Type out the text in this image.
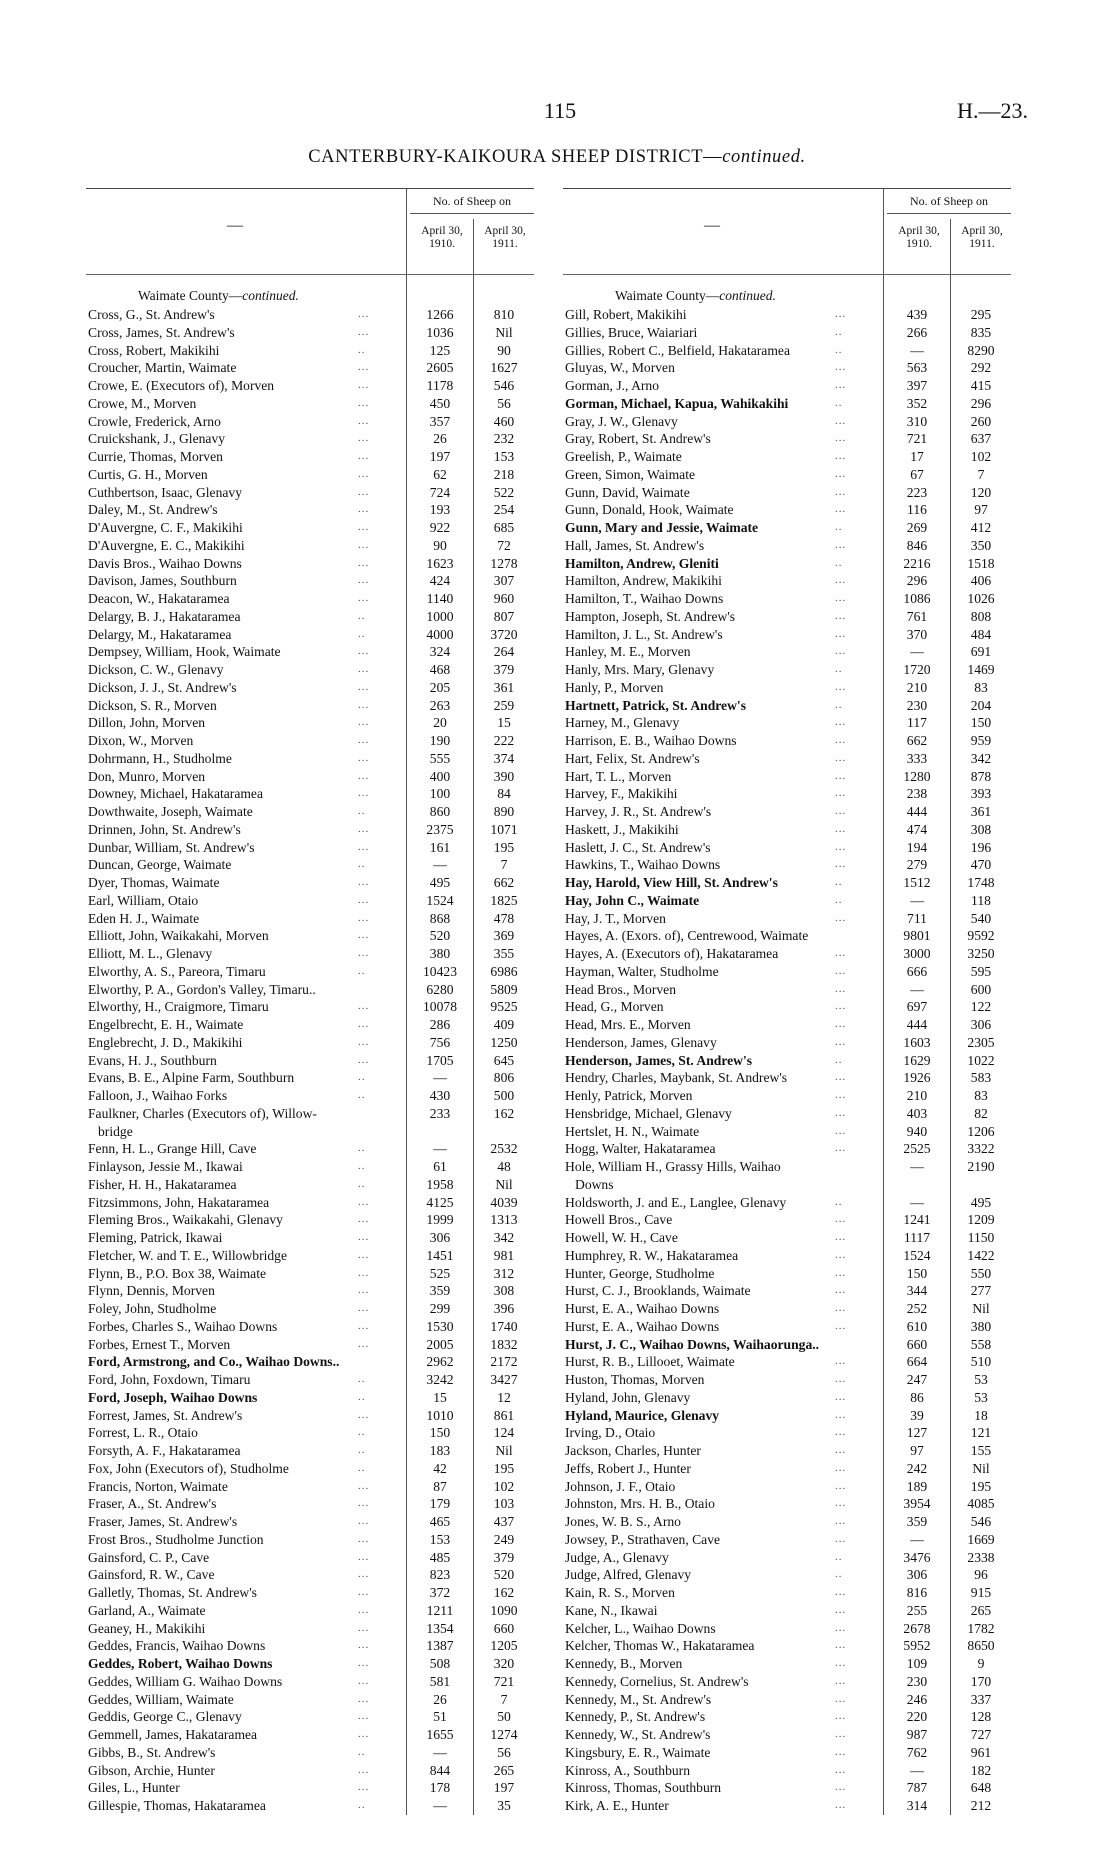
115	H.—23.
CANTERBURY-KAIKOURA SHEEP DISTRICT—continued.
—
No. of Sheep on
April 30, 1910.
April 30, 1911.
Waimate County—continued.
Cross, G., St. Andrew's	...	1266	810
Cross, James, St. Andrew's	...	1036	Nil
Cross, Robert, Makikihi	..	125	90
Croucher, Martin, Waimate	...	2605	1627
Crowe, E. (Executors of), Morven	...	1178	546
Crowe, M., Morven	...	450	56
Crowle, Frederick, Arno	...	357	460
Cruickshank, J., Glenavy	...	26	232
Currie, Thomas, Morven	...	197	153
Curtis, G. H., Morven	...	62	218
Cuthbertson, Isaac, Glenavy	...	724	522
Daley, M., St. Andrew's	...	193	254
D'Auvergne, C. F., Makikihi	...	922	685
D'Auvergne, E. C., Makikihi	...	90	72
Davis Bros., Waihao Downs	...	1623	1278
Davison, James, Southburn	...	424	307
Deacon, W., Hakataramea	...	1140	960
Delargy, B. J., Hakataramea	..	1000	807
Delargy, M., Hakataramea	..	4000	3720
Dempsey, William, Hook, Waimate	...	324	264
Dickson, C. W., Glenavy	...	468	379
Dickson, J. J., St. Andrew's	...	205	361
Dickson, S. R., Morven	...	263	259
Dillon, John, Morven	...	20	15
Dixon, W., Morven	...	190	222
Dohrmann, H., Studholme	...	555	374
Don, Munro, Morven	...	400	390
Downey, Michael, Hakataramea	...	100	84
Dowthwaite, Joseph, Waimate	..	860	890
Drinnen, John, St. Andrew's	...	2375	1071
Dunbar, William, St. Andrew's	...	161	195
Duncan, George, Waimate	..	—	7
Dyer, Thomas, Waimate	...	495	662
Earl, William, Otaio	...	1524	1825
Eden H. J., Waimate	...	868	478
Elliott, John, Waikakahi, Morven	...	520	369
Elliott, M. L., Glenavy	...	380	355
Elworthy, A. S., Pareora, Timaru	..	10423	6986
Elworthy, P. A., Gordon's Valley, Timaru..	6280	5809
Elworthy, H., Craigmore, Timaru	...	10078	9525
Engelbrecht, E. H., Waimate	...	286	409
Englebrecht, J. D., Makikihi	...	756	1250
Evans, H. J., Southburn	...	1705	645
Evans, B. E., Alpine Farm, Southburn	..	—	806
Falloon, J., Waihao Forks	..	430	500
Faulkner, Charles (Executors of), Willow-	233	162
bridge
Fenn, H. L., Grange Hill, Cave	..	—	2532
Finlayson, Jessie M., Ikawai	..	61	48
Fisher, H. H., Hakataramea	..	1958	Nil
Fitzsimmons, John, Hakataramea	...	4125	4039
Fleming Bros., Waikakahi, Glenavy	...	1999	1313
Fleming, Patrick, Ikawai	...	306	342
Fletcher, W. and T. E., Willowbridge	...	1451	981
Flynn, B., P.O. Box 38, Waimate	...	525	312
Flynn, Dennis, Morven	...	359	308
Foley, John, Studholme	...	299	396
Forbes, Charles S., Waihao Downs	...	1530	1740
Forbes, Ernest T., Morven	...	2005	1832
Ford, Armstrong, and Co., Waihao Downs..	2962	2172
Ford, John, Foxdown, Timaru	..	3242	3427
Ford, Joseph, Waihao Downs	..	15	12
Forrest, James, St. Andrew's	...	1010	861
Forrest, L. R., Otaio	..	150	124
Forsyth, A. F., Hakataramea	..	183	Nil
Fox, John (Executors of), Studholme	..	42	195
Francis, Norton, Waimate	...	87	102
Fraser, A., St. Andrew's	...	179	103
Fraser, James, St. Andrew's	...	465	437
Frost Bros., Studholme Junction	...	153	249
Gainsford, C. P., Cave	...	485	379
Gainsford, R. W., Cave	...	823	520
Galletly, Thomas, St. Andrew's	...	372	162
Garland, A., Waimate	...	1211	1090
Geaney, H., Makikihi	...	1354	660
Geddes, Francis, Waihao Downs	...	1387	1205
Geddes, Robert, Waihao Downs	...	508	320
Geddes, William G. Waihao Downs	...	581	721
Geddes, William, Waimate	...	26	7
Geddis, George C., Glenavy	...	51	50
Gemmell, James, Hakataramea	...	1655	1274
Gibbs, B., St. Andrew's	..	—	56
Gibson, Archie, Hunter	...	844	265
Giles, L., Hunter	...	178	197
Gillespie, Thomas, Hakataramea	..	—	35
—
No. of Sheep on
April 30, 1910.
April 30, 1911.
Waimate County—continued.
Gill, Robert, Makikihi	...	439	295
Gillies, Bruce, Waiariari	..	266	835
Gillies, Robert C., Belfield, Hakataramea	..	—	8290
Gluyas, W., Morven	...	563	292
Gorman, J., Arno	...	397	415
Gorman, Michael, Kapua, Wahikakihi	..	352	296
Gray, J. W., Glenavy	...	310	260
Gray, Robert, St. Andrew's	...	721	637
Greelish, P., Waimate	...	17	102
Green, Simon, Waimate	...	67	7
Gunn, David, Waimate	...	223	120
Gunn, Donald, Hook, Waimate	...	116	97
Gunn, Mary and Jessie, Waimate	..	269	412
Hall, James, St. Andrew's	...	846	350
Hamilton, Andrew, Gleniti	..	2216	1518
Hamilton, Andrew, Makikihi	...	296	406
Hamilton, T., Waihao Downs	...	1086	1026
Hampton, Joseph, St. Andrew's	...	761	808
Hamilton, J. L., St. Andrew's	...	370	484
Hanley, M. E., Morven	...	—	691
Hanly, Mrs. Mary, Glenavy	..	1720	1469
Hanly, P., Morven	...	210	83
Hartnett, Patrick, St. Andrew's	..	230	204
Harney, M., Glenavy	...	117	150
Harrison, E. B., Waihao Downs	...	662	959
Hart, Felix, St. Andrew's	...	333	342
Hart, T. L., Morven	...	1280	878
Harvey, F., Makikihi	...	238	393
Harvey, J. R., St. Andrew's	...	444	361
Haskett, J., Makikihi	...	474	308
Haslett, J. C., St. Andrew's	...	194	196
Hawkins, T., Waihao Downs	...	279	470
Hay, Harold, View Hill, St. Andrew's	..	1512	1748
Hay, John C., Waimate	..	—	118
Hay, J. T., Morven	...	711	540
Hayes, A. (Exors. of), Centrewood, Waimate	9801	9592
Hayes, A. (Executors of), Hakataramea	...	3000	3250
Hayman, Walter, Studholme	...	666	595
Head Bros., Morven	...	—	600
Head, G., Morven	...	697	122
Head, Mrs. E., Morven	...	444	306
Henderson, James, Glenavy	...	1603	2305
Henderson, James, St. Andrew's	..	1629	1022
Hendry, Charles, Maybank, St. Andrew's	...	1926	583
Henly, Patrick, Morven	...	210	83
Hensbridge, Michael, Glenavy	...	403	82
Hertslet, H. N., Waimate	...	940	1206
Hogg, Walter, Hakataramea	...	2525	3322
Hole, William H., Grassy Hills, Waihao	—	2190
Downs
Holdsworth, J. and E., Langlee, Glenavy	..	—	495
Howell Bros., Cave	...	1241	1209
Howell, W. H., Cave	...	1117	1150
Humphrey, R. W., Hakataramea	...	1524	1422
Hunter, George, Studholme	...	150	550
Hurst, C. J., Brooklands, Waimate	...	344	277
Hurst, E. A., Waihao Downs	...	252	Nil
Hurst, E. A., Waihao Downs	...	610	380
Hurst, J. C., Waihao Downs, Waihaorunga..	660	558
Hurst, R. B., Lillooet, Waimate	...	664	510
Huston, Thomas, Morven	...	247	53
Hyland, John, Glenavy	...	86	53
Hyland, Maurice, Glenavy	...	39	18
Irving, D., Otaio	...	127	121
Jackson, Charles, Hunter	...	97	155
Jeffs, Robert J., Hunter	...	242	Nil
Johnson, J. F., Otaio	...	189	195
Johnston, Mrs. H. B., Otaio	...	3954	4085
Jones, W. B. S., Arno	...	359	546
Jowsey, P., Strathaven, Cave	...	—	1669
Judge, A., Glenavy	..	3476	2338
Judge, Alfred, Glenavy	..	306	96
Kain, R. S., Morven	...	816	915
Kane, N., Ikawai	...	255	265
Kelcher, L., Waihao Downs	...	2678	1782
Kelcher, Thomas W., Hakataramea	...	5952	8650
Kennedy, B., Morven	...	109	9
Kennedy, Cornelius, St. Andrew's	...	230	170
Kennedy, M., St. Andrew's	...	246	337
Kennedy, P., St. Andrew's	...	220	128
Kennedy, W., St. Andrew's	...	987	727
Kingsbury, E. R., Waimate	...	762	961
Kinross, A., Southburn	...	—	182
Kinross, Thomas, Southburn	...	787	648
Kirk, A. E., Hunter	...	314	212
